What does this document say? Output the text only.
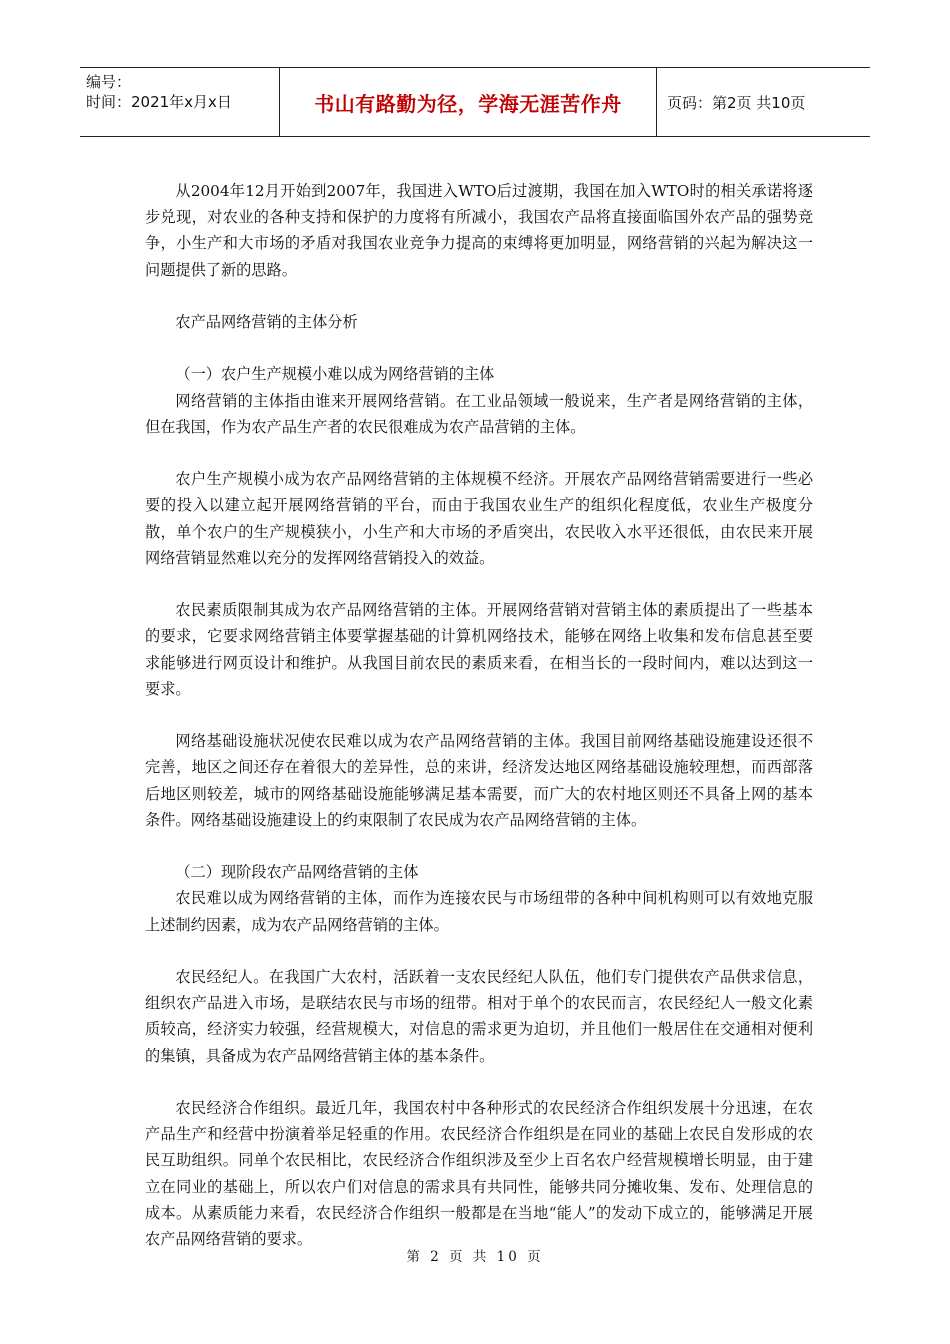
编号：
时间：2021年x月x日	书山有路勤为径，学海无涯苦作舟	页码：第2页 共10页

从2004年12月开始到2007年，我国进入WTO后过渡期，我国在加入WTO时的相关承诺将逐步兑现，对农业的各种支持和保护的力度将有所减小，我国农产品将直接面临国外农产品的强势竞争，小生产和大市场的矛盾对我国农业竞争力提高的束缚将更加明显，网络营销的兴起为解决这一问题提供了新的思路。

农产品网络营销的主体分析

（一）农户生产规模小难以成为网络营销的主体

网络营销的主体指由谁来开展网络营销。在工业品领域一般说来，生产者是网络营销的主体，但在我国，作为农产品生产者的农民很难成为农产品营销的主体。

农户生产规模小成为农产品网络营销的主体规模不经济。开展农产品网络营销需要进行一些必要的投入以建立起开展网络营销的平台，而由于我国农业生产的组织化程度低，农业生产极度分散，单个农户的生产规模狭小，小生产和大市场的矛盾突出，农民收入水平还很低，由农民来开展网络营销显然难以充分的发挥网络营销投入的效益。

农民素质限制其成为农产品网络营销的主体。开展网络营销对营销主体的素质提出了一些基本的要求，它要求网络营销主体要掌握基础的计算机网络技术，能够在网络上收集和发布信息甚至要求能够进行网页设计和维护。从我国目前农民的素质来看，在相当长的一段时间内，难以达到这一要求。

网络基础设施状况使农民难以成为农产品网络营销的主体。我国目前网络基础设施建设还很不完善，地区之间还存在着很大的差异性，总的来讲，经济发达地区网络基础设施较理想，而西部落后地区则较差，城市的网络基础设施能够满足基本需要，而广大的农村地区则还不具备上网的基本条件。网络基础设施建设上的约束限制了农民成为农产品网络营销的主体。

（二）现阶段农产品网络营销的主体

农民难以成为网络营销的主体，而作为连接农民与市场纽带的各种中间机构则可以有效地克服上述制约因素，成为农产品网络营销的主体。

农民经纪人。在我国广大农村，活跃着一支农民经纪人队伍，他们专门提供农产品供求信息，组织农产品进入市场，是联结农民与市场的纽带。相对于单个的农民而言，农民经纪人一般文化素质较高，经济实力较强，经营规模大，对信息的需求更为迫切，并且他们一般居住在交通相对便利的集镇，具备成为农产品网络营销主体的基本条件。

农民经济合作组织。最近几年，我国农村中各种形式的农民经济合作组织发展十分迅速，在农产品生产和经营中扮演着举足轻重的作用。农民经济合作组织是在同业的基础上农民自发形成的农民互助组织。同单个农民相比，农民经济合作组织涉及至少上百名农户经营规模增长明显，由于建立在同业的基础上，所以农户们对信息的需求具有共同性，能够共同分摊收集、发布、处理信息的成本。从素质能力来看，农民经济合作组织一般都是在当地“能人”的发动下成立的，能够满足开展农产品网络营销的要求。

第 2 页 共 10 页
